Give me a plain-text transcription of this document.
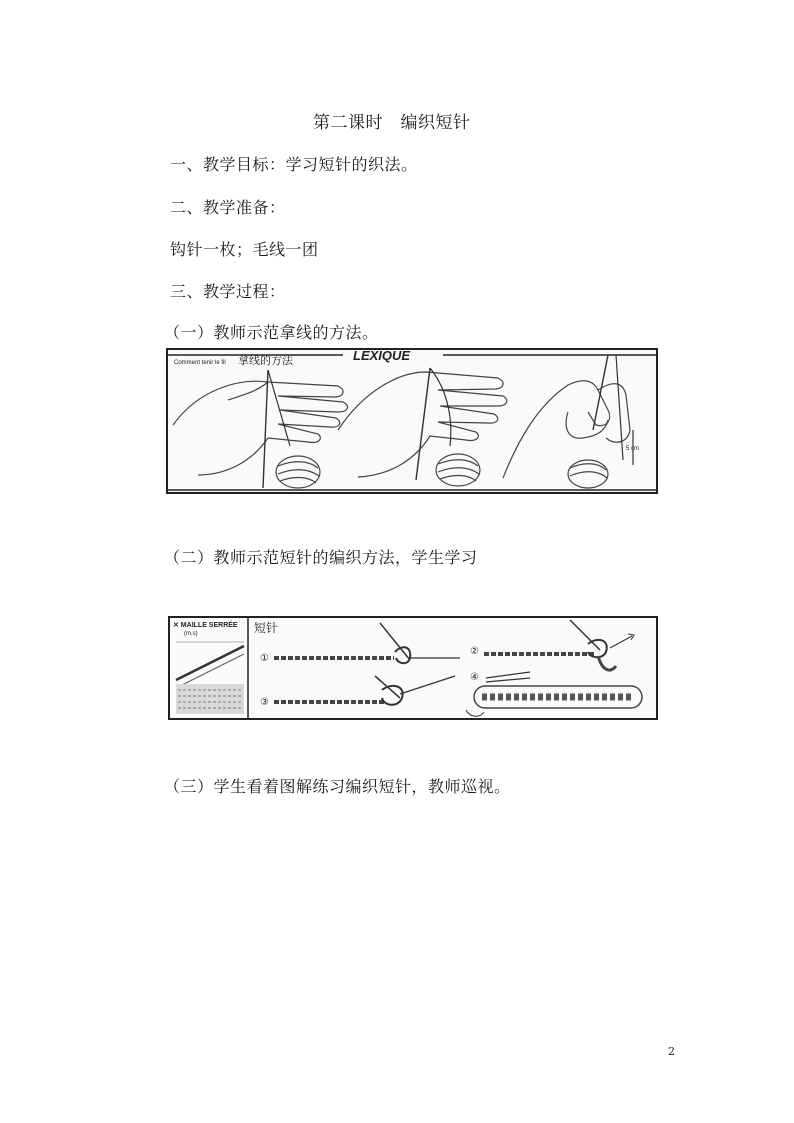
第二课时　编织短针
一、教学目标：学习短针的织法。
二、教学准备：
钩针一枚；毛线一团
三、教学过程：
（一）教师示范拿线的方法。
Comment tenir le fil 拿线的方法	LEXIQUE
5 cm
（二）教师示范短针的编织方法，学生学习
✕ MAILLE SERRÉE
(m.s)	短针
①
②
③
④
（三）学生看着图解练习编织短针，教师巡视。
2
